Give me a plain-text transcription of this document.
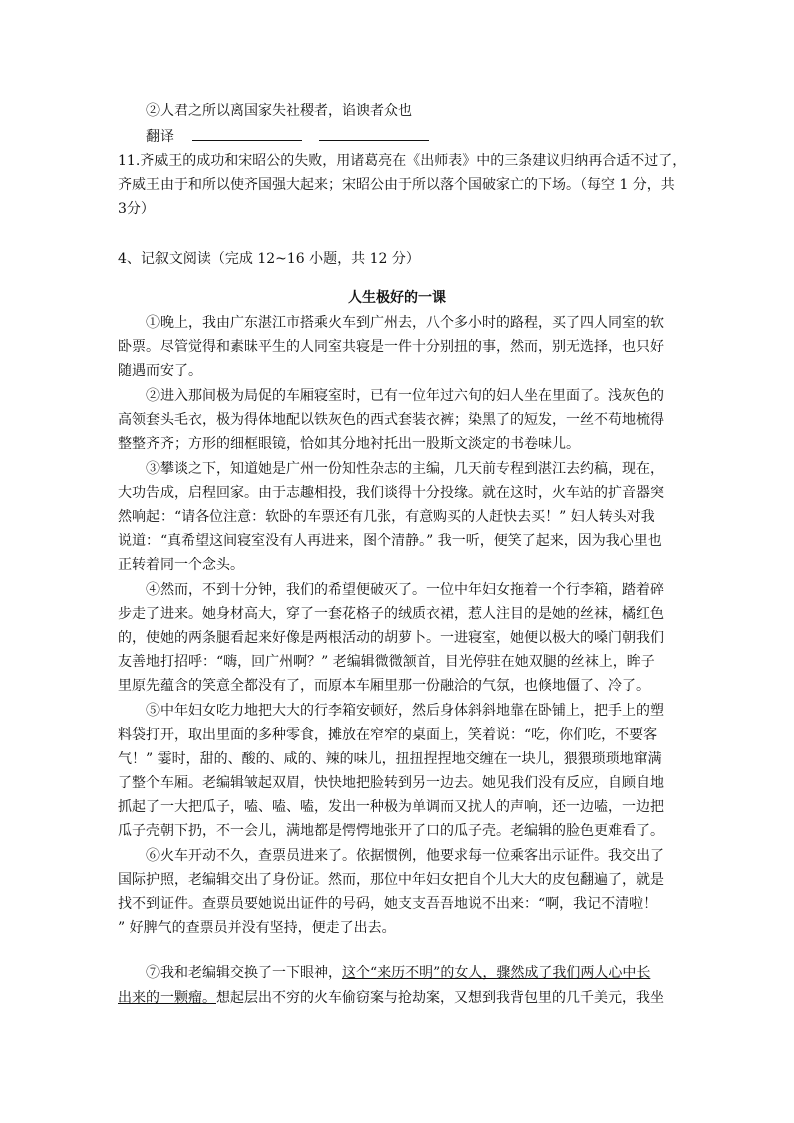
②人君之所以离国家失社稷者，谄谀者众也
翻译
11.齐威王的成功和宋昭公的失败，用诸葛亮在《出师表》中的三条建议归纳再合适不过了，
齐威王由于和所以使齐国强大起来；宋昭公由于所以落个国破家亡的下场。（每空 1 分，共
3分）
4、记叙文阅读（完成 12~16 小题，共 12 分）
人生极好的一课
①晚上，我由广东湛江市搭乘火车到广州去，八个多小时的路程，买了四人同室的软
卧票。尽管觉得和素昧平生的人同室共寝是一件十分别扭的事，然而，别无选择，也只好
随遇而安了。
②进入那间极为局促的车厢寝室时，已有一位年过六旬的妇人坐在里面了。浅灰色的
高领套头毛衣，极为得体地配以铁灰色的西式套装衣裤；染黑了的短发，一丝不苟地梳得
整整齐齐；方形的细框眼镜，恰如其分地衬托出一股斯文淡定的书卷味儿。
③攀谈之下，知道她是广州一份知性杂志的主编，几天前专程到湛江去约稿，现在，
大功告成，启程回家。由于志趣相投，我们谈得十分投缘。就在这时，火车站的扩音器突
然响起：“请各位注意：软卧的车票还有几张，有意购买的人赶快去买！” 妇人转头对我
说道：“真希望这间寝室没有人再进来，图个清静。” 我一听，便笑了起来，因为我心里也
正转着同一个念头。
④然而，不到十分钟，我们的希望便破灭了。一位中年妇女拖着一个行李箱，踏着碎
步走了进来。她身材高大，穿了一套花格子的绒质衣裙，惹人注目的是她的丝袜，橘红色
的，使她的两条腿看起来好像是两根活动的胡萝卜。一进寝室，她便以极大的嗓门朝我们
友善地打招呼：“嗨，回广州啊？” 老编辑微微颔首，目光停驻在她双腿的丝袜上，眸子
里原先蕴含的笑意全都没有了，而原本车厢里那一份融洽的气氛，也倏地僵了、冷了。
⑤中年妇女吃力地把大大的行李箱安顿好，然后身体斜斜地靠在卧铺上，把手上的塑
料袋打开，取出里面的多种零食，摊放在窄窄的桌面上，笑着说：“吃，你们吃，不要客
气！” 霎时，甜的、酸的、咸的、辣的味儿，扭扭捏捏地交缠在一块儿，猥猥琐琐地窜满
了整个车厢。老编辑皱起双眉，快快地把脸转到另一边去。她见我们没有反应，自顾自地
抓起了一大把瓜子，嗑、嗑、嗑，发出一种极为单调而又扰人的声响，还一边嗑，一边把
瓜子壳朝下扔，不一会儿，满地都是愕愕地张开了口的瓜子壳。老编辑的脸色更难看了。
⑥火车开动不久，查票员进来了。依据惯例，他要求每一位乘客出示证件。我交出了
国际护照，老编辑交出了身份证。然而，那位中年妇女把自个儿大大的皮包翻遍了，就是
找不到证件。查票员要她说出证件的号码，她支支吾吾地说不出来：“啊，我记不清啦！
” 好脾气的查票员并没有坚持，便走了出去。
⑦我和老编辑交换了一下眼神，这个“来历不明”的女人，骤然成了我们两人心中长
出来的一颗瘤。想起层出不穷的火车偷窃案与抢劫案，又想到我背包里的几千美元，我坐
